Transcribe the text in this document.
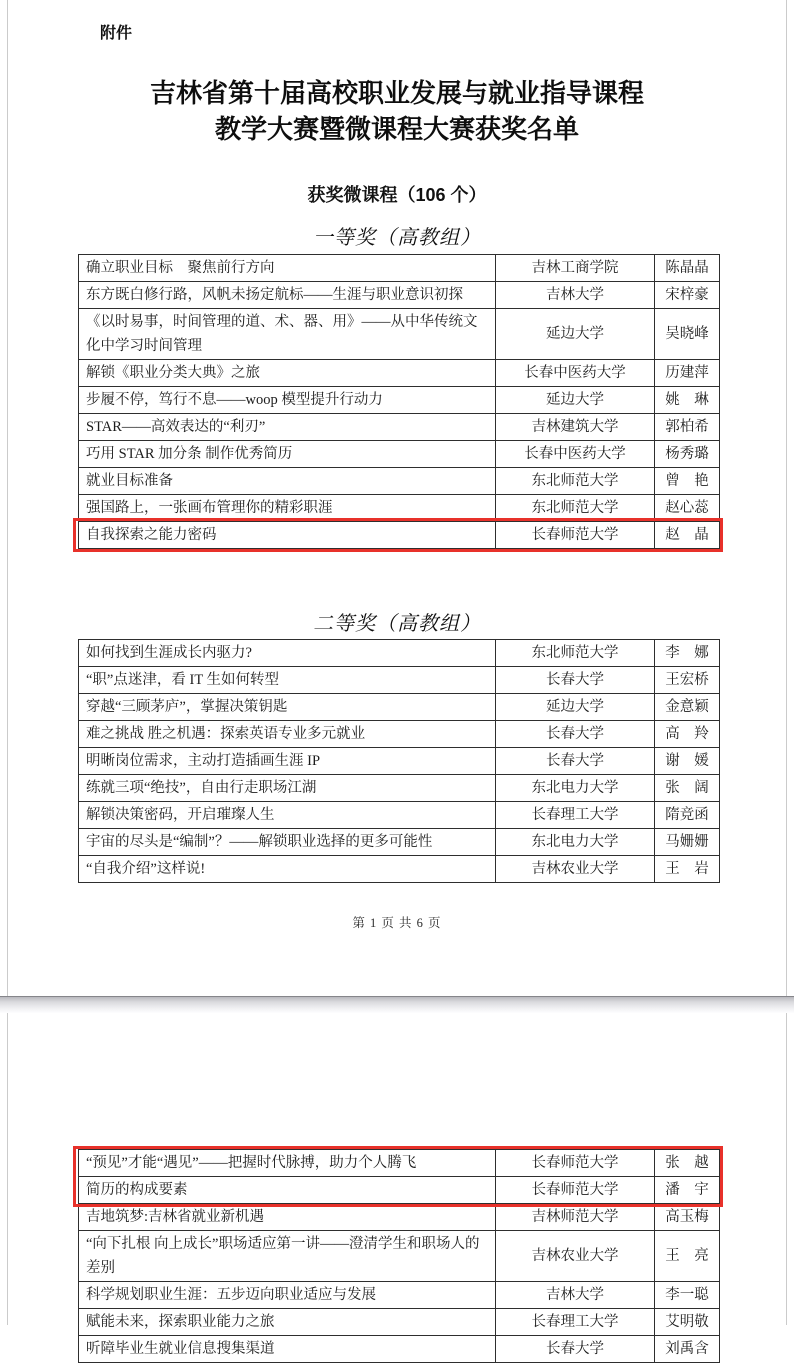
附件
吉林省第十届高校职业发展与就业指导课程
教学大赛暨微课程大赛获奖名单
获奖微课程（106 个）
一等奖（高教组）
确立职业目标　聚焦前行方向	吉林工商学院	陈晶晶
东方既白修行路，风帆未扬定航标——生涯与职业意识初探	吉林大学	宋梓豪
《以时易事，时间管理的道、术、器、用》——从中华传统文化中学习时间管理	延边大学	吴晓峰
解锁《职业分类大典》之旅	长春中医药大学	历建萍
步履不停，笃行不息——woop 模型提升行动力	延边大学	姚　琳
STAR——高效表达的“利刃”	吉林建筑大学	郭柏希
巧用 STAR 加分条 制作优秀简历	长春中医药大学	杨秀璐
就业目标准备	东北师范大学	曾　艳
强国路上，一张画布管理你的精彩职涯	东北师范大学	赵心蕊
自我探索之能力密码	长春师范大学	赵　晶
二等奖（高教组）
如何找到生涯成长内驱力?	东北师范大学	李　娜
“职”点迷津，看 IT 生如何转型	长春大学	王宏桥
穿越“三顾茅庐”，掌握决策钥匙	延边大学	金意颖
难之挑战 胜之机遇：探索英语专业多元就业	长春大学	高　羚
明晰岗位需求，主动打造插画生涯 IP	长春大学	谢　媛
练就三项“绝技”，自由行走职场江湖	东北电力大学	张　阔
解锁决策密码，开启璀璨人生	长春理工大学	隋竞函
宇宙的尽头是“编制”？——解锁职业选择的更多可能性	东北电力大学	马姗姗
“自我介绍”这样说!	吉林农业大学	王　岩
第 1 页 共 6 页
“预见”才能“遇见”——把握时代脉搏，助力个人腾飞	长春师范大学	张　越
简历的构成要素	长春师范大学	潘　宇
吉地筑梦:吉林省就业新机遇	吉林师范大学	高玉梅
“向下扎根 向上成长”职场适应第一讲——澄清学生和职场人的差别	吉林农业大学	王　亮
科学规划职业生涯：五步迈向职业适应与发展	吉林大学	李一聪
赋能未来，探索职业能力之旅	长春理工大学	艾明敬
听障毕业生就业信息搜集渠道	长春大学	刘禹含
